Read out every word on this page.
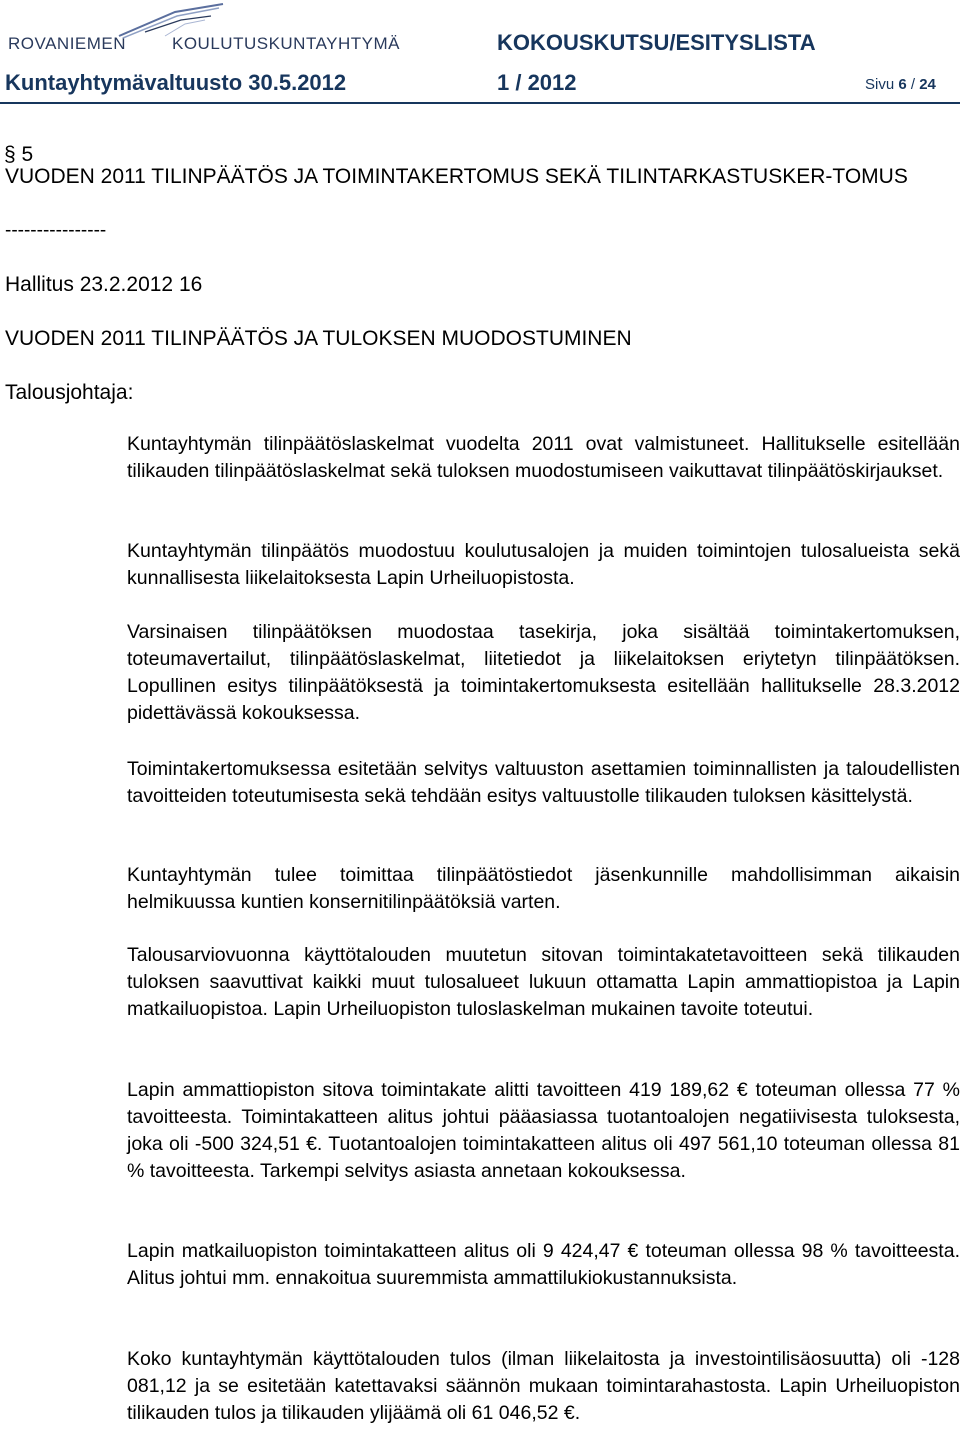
ROVANIEMEN	KOULUTUSKUNTAYHTYMÄ	KOKOUSKUTSU/ESITYSLISTA
Kuntayhtymävaltuusto 30.5.2012	1 / 2012	Sivu 6 / 24
§ 5
VUODEN 2011 TILINPÄÄTÖS JA TOIMINTAKERTOMUS SEKÄ TILINTARKASTUSKER-TOMUS
----------------
Hallitus 23.2.2012 16
VUODEN 2011 TILINPÄÄTÖS JA TULOKSEN MUODOSTUMINEN
Talousjohtaja:

Kuntayhtymän tilinpäätöslaskelmat vuodelta 2011 ovat valmistuneet. Hallitukselle esitellään tilikauden tilinpäätöslaskelmat sekä tuloksen muodostumiseen vaikuttavat tilinpäätöskirjaukset.

Kuntayhtymän tilinpäätös muodostuu koulutusalojen ja muiden toimintojen tulosalueista sekä kunnallisesta liikelaitoksesta Lapin Urheiluopistosta.

Varsinaisen tilinpäätöksen muodostaa tasekirja, joka sisältää toimintakertomuksen, toteumavertailut, tilinpäätöslaskelmat, liitetiedot ja liikelaitoksen eriytetyn tilinpäätöksen. Lopullinen esitys tilinpäätöksestä ja toimintakertomuksesta esitellään hallitukselle 28.3.2012 pidettävässä kokouksessa.

Toimintakertomuksessa esitetään selvitys valtuuston asettamien toiminnallisten ja taloudellisten tavoitteiden toteutumisesta sekä tehdään esitys valtuustolle tilikauden tuloksen käsittelystä.

Kuntayhtymän tulee toimittaa tilinpäätöstiedot jäsenkunnille mahdollisimman aikaisin helmikuussa kuntien konsernitilinpäätöksiä varten.

Talousarviovuonna käyttötalouden muutetun sitovan toimintakatetavoitteen sekä tilikauden tuloksen saavuttivat kaikki muut tulosalueet lukuun ottamatta Lapin ammattiopistoa ja Lapin matkailuopistoa. Lapin Urheiluopiston tuloslaskelman mukainen tavoite toteutui.

Lapin ammattiopiston sitova toimintakate alitti tavoitteen 419 189,62 € toteuman ollessa 77 % tavoitteesta. Toimintakatteen alitus johtui pääasiassa tuotantoalojen negatiivisesta tuloksesta, joka oli -500 324,51 €. Tuotantoalojen toimintakatteen alitus oli 497 561,10 toteuman ollessa 81 % tavoitteesta. Tarkempi selvitys asiasta annetaan kokouksessa.

Lapin matkailuopiston toimintakatteen alitus oli 9 424,47 € toteuman ollessa 98 % tavoitteesta. Alitus johtui mm. ennakoitua suuremmista ammattilukiokustannuksista.

Koko kuntayhtymän käyttötalouden tulos (ilman liikelaitosta ja investointilisäosuutta) oli -128 081,12 ja se esitetään katettavaksi säännön mukaan toimintarahastosta. Lapin Urheiluopiston tilikauden tulos ja tilikauden ylijäämä oli 61 046,52 €.
